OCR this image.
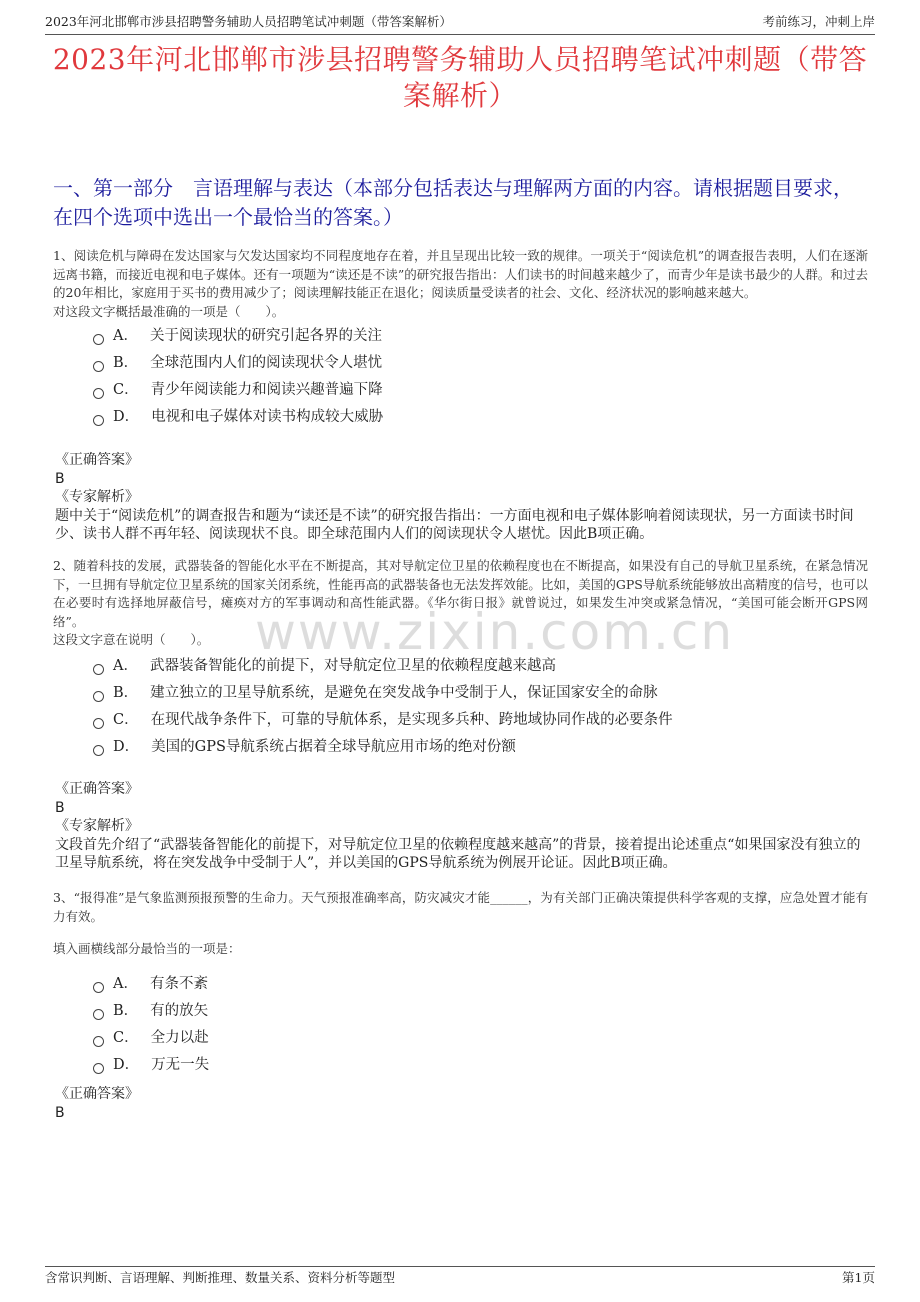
2023年河北邯郸市涉县招聘警务辅助人员招聘笔试冲刺题（带答案解析）	考前练习，冲刺上岸
2023年河北邯郸市涉县招聘警务辅助人员招聘笔试冲刺题（带答案解析）
一、第一部分　言语理解与表达（本部分包括表达与理解两方面的内容。请根据题目要求，在四个选项中选出一个最恰当的答案。）
www.zixin.com.cn
1、阅读危机与障碍在发达国家与欠发达国家均不同程度地存在着，并且呈现出比较一致的规律。一项关于“阅读危机”的调查报告表明，人们在逐渐远离书籍，而接近电视和电子媒体。还有一项题为“读还是不读”的研究报告指出：人们读书的时间越来越少了，而青少年是读书最少的人群。和过去的20年相比，家庭用于买书的费用减少了；阅读理解技能正在退化；阅读质量受读者的社会、文化、经济状况的影响越来越大。
对这段文字概括最准确的一项是（　　）。
A． 关于阅读现状的研究引起各界的关注
B． 全球范围内人们的阅读现状令人堪忧
C． 青少年阅读能力和阅读兴趣普遍下降
D． 电视和电子媒体对读书构成较大威胁
《正确答案》
B
《专家解析》
题中关于“阅读危机”的调查报告和题为“读还是不读”的研究报告指出：一方面电视和电子媒体影响着阅读现状，另一方面读书时间少、读书人群不再年轻、阅读现状不良。即全球范围内人们的阅读现状令人堪忧。因此B项正确。
2、随着科技的发展，武器装备的智能化水平在不断提高，其对导航定位卫星的依赖程度也在不断提高，如果没有自己的导航卫星系统，在紧急情况下，一旦拥有导航定位卫星系统的国家关闭系统，性能再高的武器装备也无法发挥效能。比如，美国的GPS导航系统能够放出高精度的信号，也可以在必要时有选择地屏蔽信号，瘫痪对方的军事调动和高性能武器。《华尔街日报》就曾说过，如果发生冲突或紧急情况，“美国可能会断开GPS网络”。
这段文字意在说明（　　）。
A． 武器装备智能化的前提下，对导航定位卫星的依赖程度越来越高
B． 建立独立的卫星导航系统，是避免在突发战争中受制于人，保证国家安全的命脉
C． 在现代战争条件下，可靠的导航体系，是实现多兵种、跨地域协同作战的必要条件
D． 美国的GPS导航系统占据着全球导航应用市场的绝对份额
《正确答案》
B
《专家解析》
文段首先介绍了“武器装备智能化的前提下，对导航定位卫星的依赖程度越来越高”的背景，接着提出论述重点“如果国家没有独立的卫星导航系统，将在突发战争中受制于人”，并以美国的GPS导航系统为例展开论证。因此B项正确。
3、“报得准”是气象监测预报预警的生命力。天气预报准确率高，防灾减灾才能______，为有关部门正确决策提供科学客观的支撑，应急处置才能有力有效。
填入画横线部分最恰当的一项是：
A． 有条不紊
B． 有的放矢
C． 全力以赴
D． 万无一失
《正确答案》
B
含常识判断、言语理解、判断推理、数量关系、资料分析等题型	第1页
